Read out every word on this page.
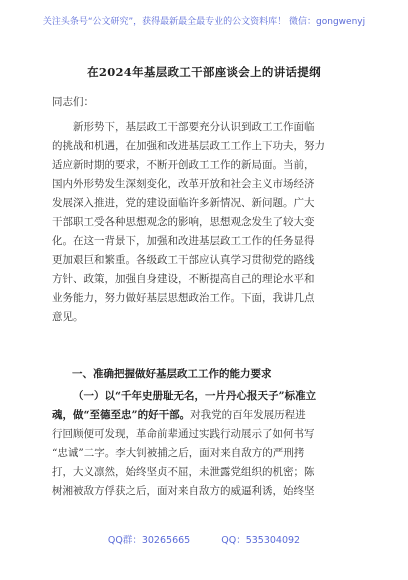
关注头条号“公文研究”，获得最新最全最专业的公文资料库！ 微信：gongwenyj
在2024年基层政工干部座谈会上的讲话提纲
同志们：
新形势下，基层政工干部要充分认识到政工工作面临
的挑战和机遇，在加强和改进基层政工工作上下功夫，努力
适应新时期的要求，不断开创政工工作的新局面。当前，
国内外形势发生深刻变化，改革开放和社会主义市场经济
发展深入推进，党的建设面临许多新情况、新问题。广大
干部职工受各种思想观念的影响，思想观念发生了较大变
化。在这一背景下，加强和改进基层政工工作的任务显得
更加艰巨和繁重。各级政工干部应认真学习贯彻党的路线
方针、政策，加强自身建设，不断提高自己的理论水平和
业务能力，努力做好基层思想政治工作。下面，我讲几点
意见。
一、准确把握做好基层政工工作的能力要求
（一）以“千年史册耻无名，一片丹心报天子”标准立
魂，做“至德至忠”的好干部。对我党的百年发展历程进
行回顾便可发现，革命前辈通过实践行动展示了如何书写
“忠诚”二字。李大钊被捕之后，面对来自敌方的严刑拷
打，大义凛然，始终坚贞不屈，未泄露党组织的机密；陈
树湘被敌方俘获之后，面对来自敌方的威逼利诱，始终坚
QQ群：30265665	QQ：535304092
